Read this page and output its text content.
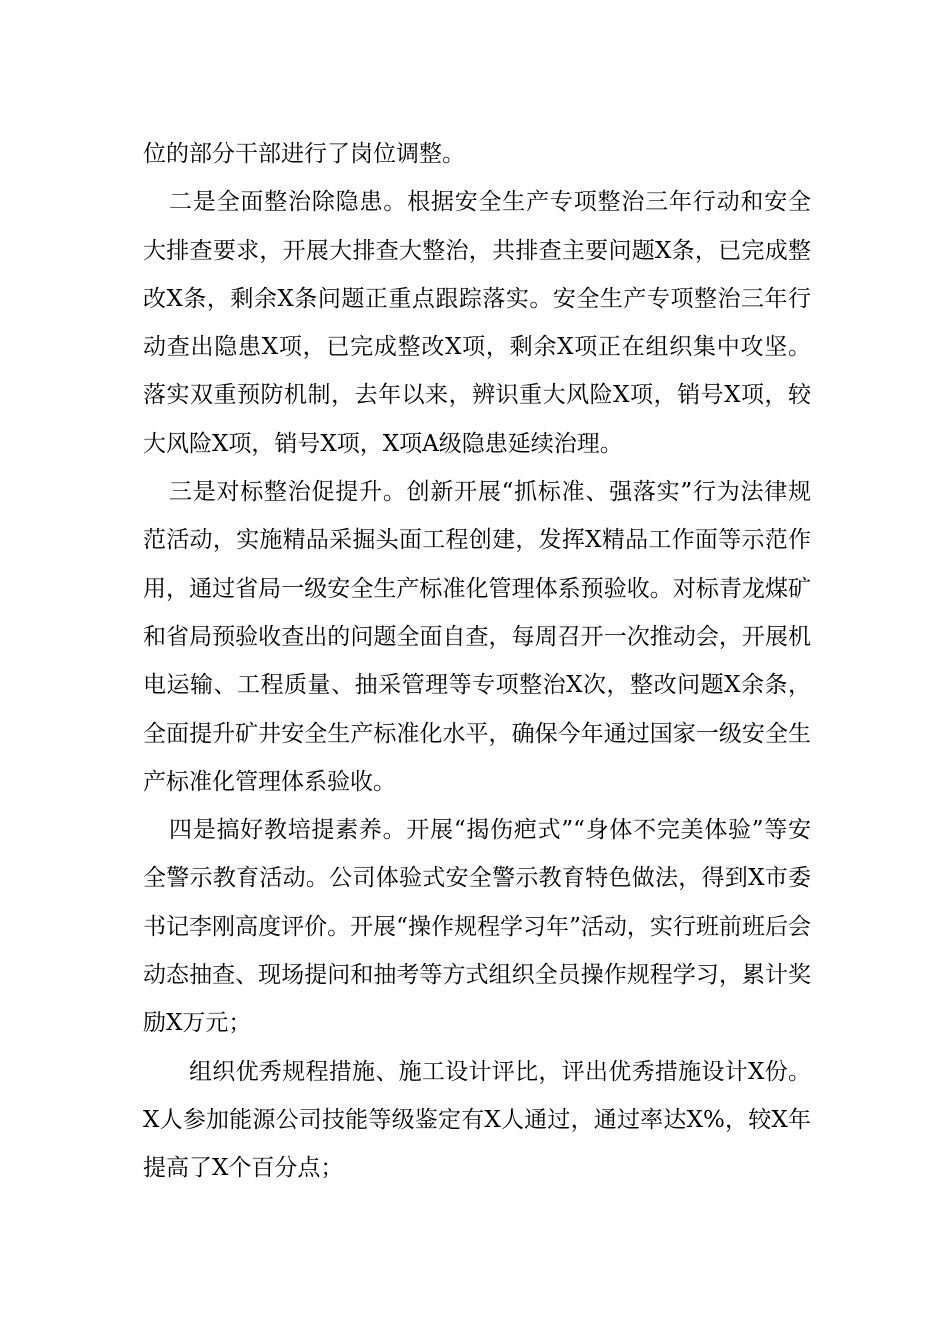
位的部分干部进行了岗位调整。

二是全面整治除隐患。根据安全生产专项整治三年行动和安全大排查要求，开展大排查大整治，共排查主要问题X条，已完成整改X条，剩余X条问题正重点跟踪落实。安全生产专项整治三年行动查出隐患X项，已完成整改X项，剩余X项正在组织集中攻坚。落实双重预防机制，去年以来，辨识重大风险X项，销号X项，较大风险X项，销号X项，X项A级隐患延续治理。

三是对标整治促提升。创新开展“抓标准、强落实”行为法律规范活动，实施精品采掘头面工程创建，发挥X精品工作面等示范作用，通过省局一级安全生产标准化管理体系预验收。对标青龙煤矿和省局预验收查出的问题全面自查，每周召开一次推动会，开展机电运输、工程质量、抽采管理等专项整治X次，整改问题X余条，全面提升矿井安全生产标准化水平，确保今年通过国家一级安全生产标准化管理体系验收。

四是搞好教培提素养。开展“揭伤疤式”“身体不完美体验”等安全警示教育活动。公司体验式安全警示教育特色做法，得到X市委书记李刚高度评价。开展“操作规程学习年”活动，实行班前班后会动态抽查、现场提问和抽考等方式组织全员操作规程学习，累计奖励X万元；

组织优秀规程措施、施工设计评比，评出优秀措施设计X份。X人参加能源公司技能等级鉴定有X人通过，通过率达X%，较X年提高了X个百分点；
